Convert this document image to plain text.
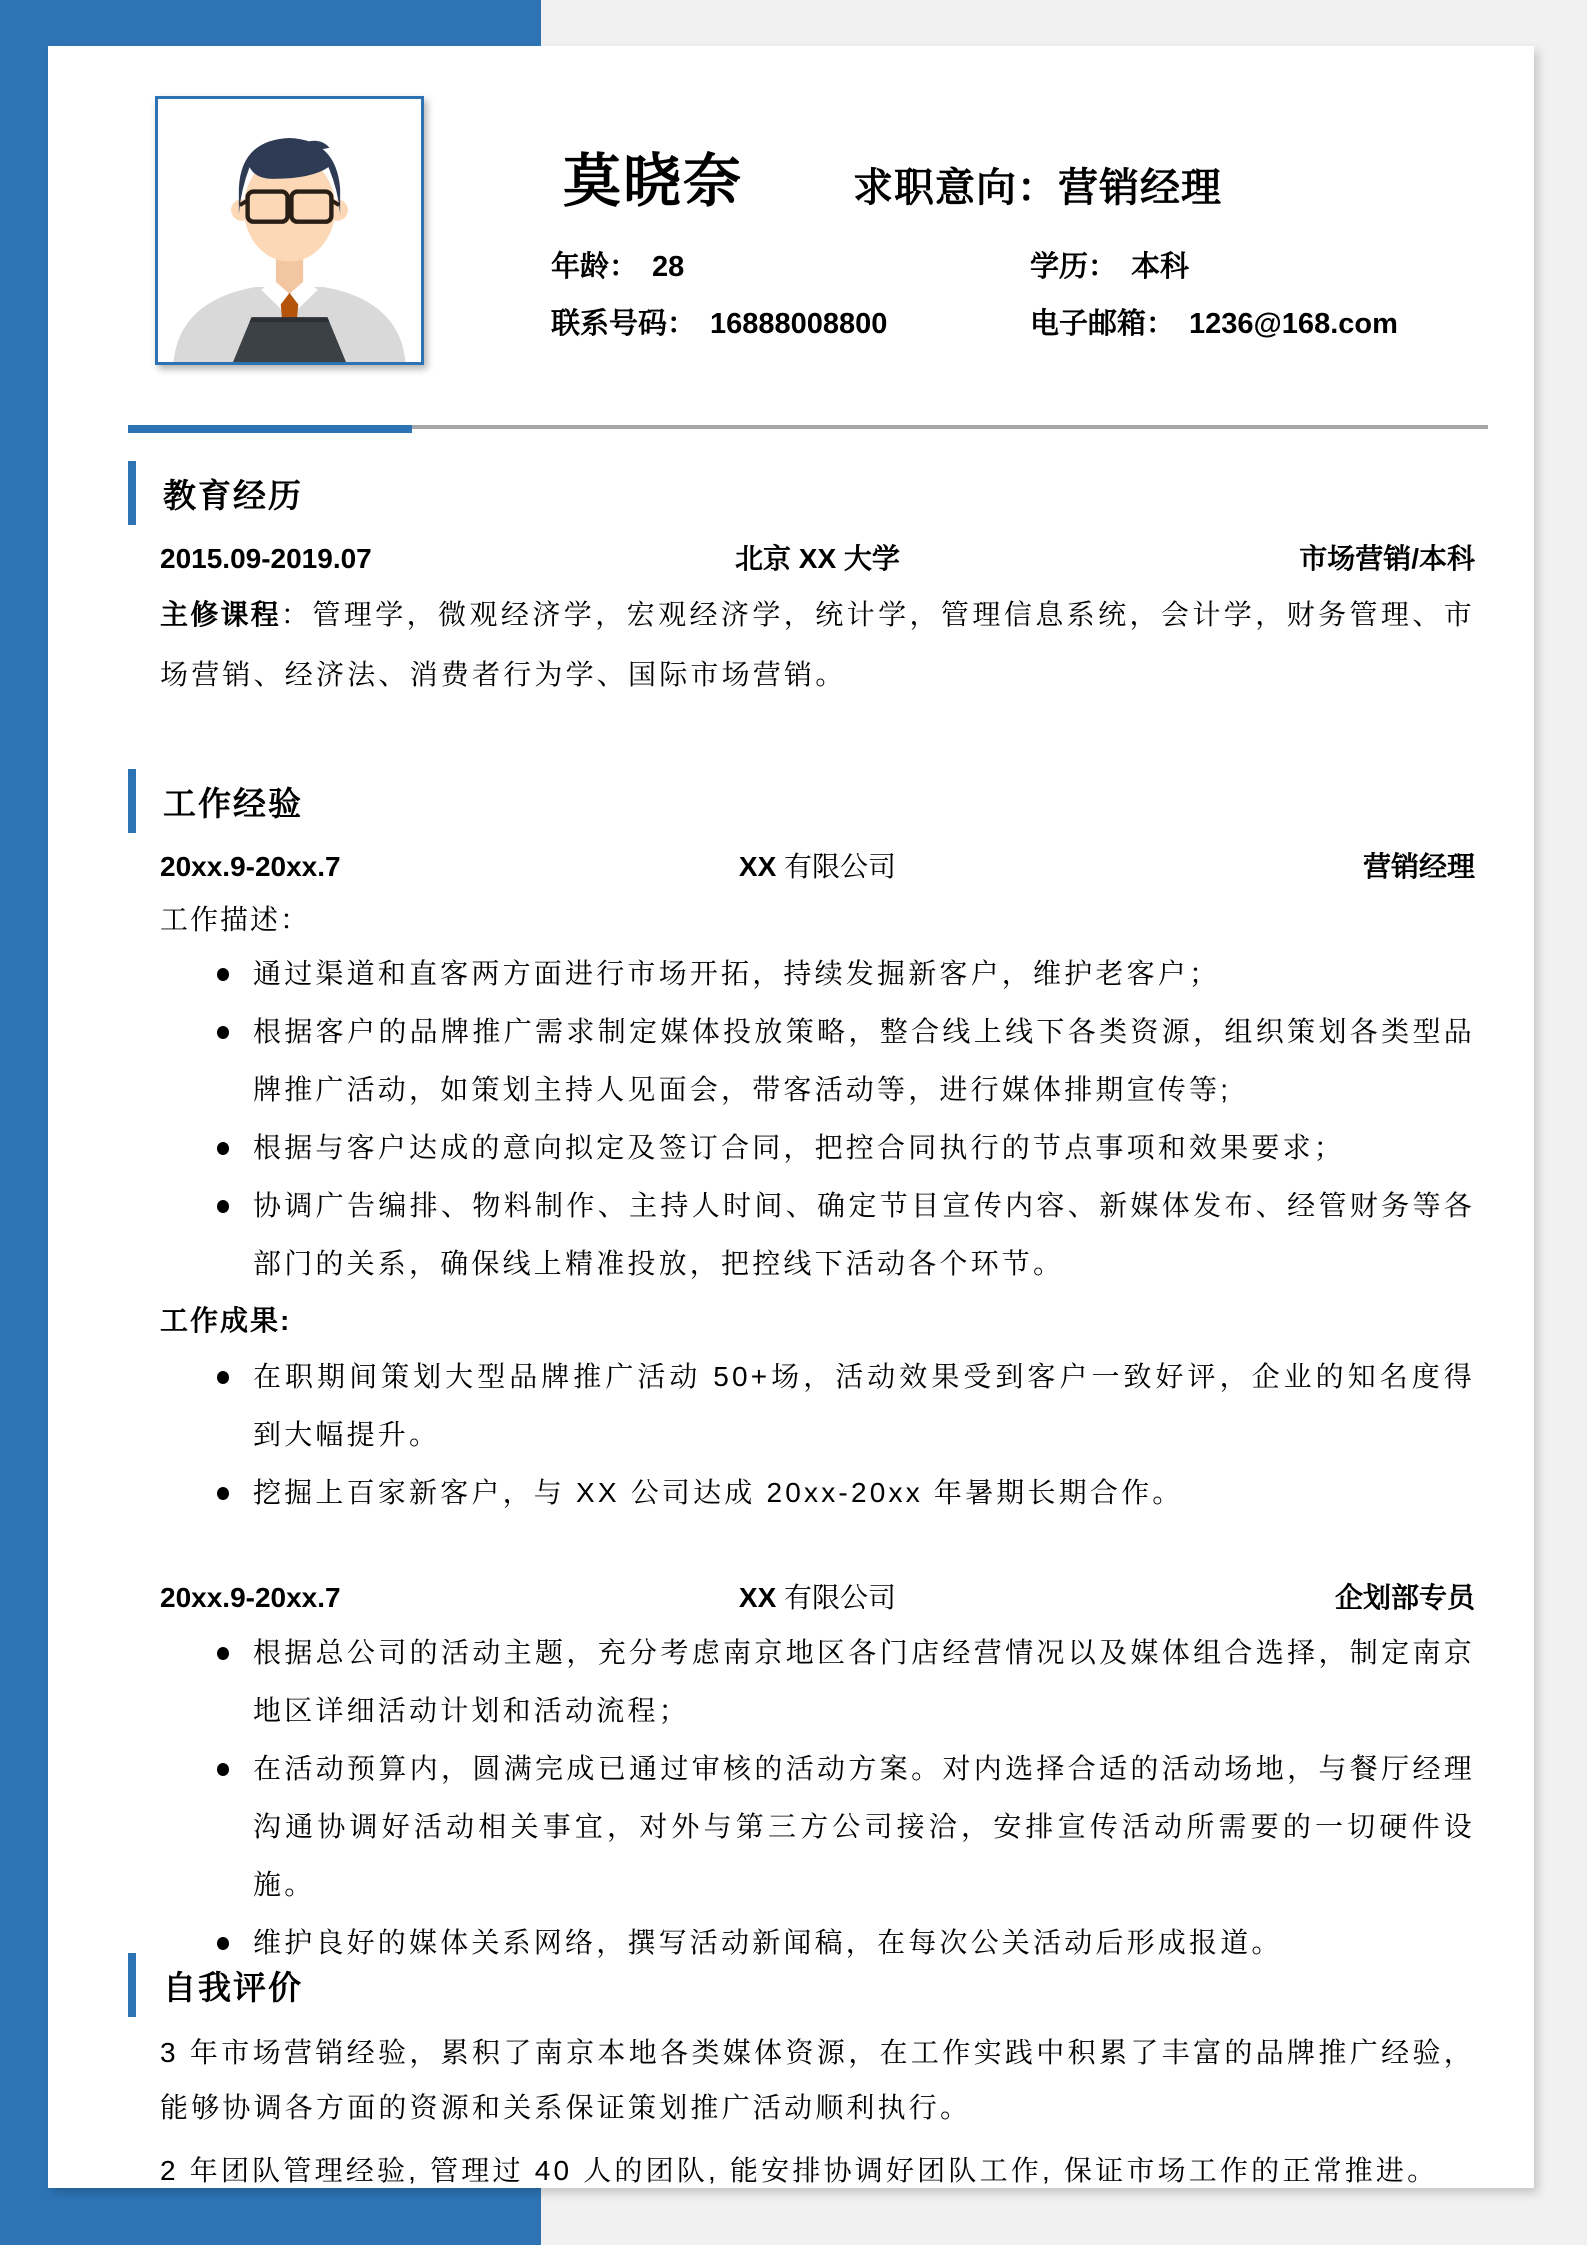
莫晓奈	求职意向：营销经理
年龄： 28	学历： 本科
联系号码： 16888008800	电子邮箱： 1236@168.com
教育经历
2015.09-2019.07	北京 XX 大学	市场营销/本科

主修课程：管理学，微观经济学，宏观经济学，统计学，管理信息系统，会计学，财务管理、市场营销、经济法、消费者行为学、国际市场营销。

工作经验
20xx.9-20xx.7	XX 有限公司	营销经理
工作描述：
通过渠道和直客两方面进行市场开拓，持续发掘新客户，维护老客户；
根据客户的品牌推广需求制定媒体投放策略，整合线上线下各类资源，组织策划各类型品牌推广活动，如策划主持人见面会，带客活动等，进行媒体排期宣传等;
根据与客户达成的意向拟定及签订合同，把控合同执行的节点事项和效果要求；
协调广告编排、物料制作、主持人时间、确定节目宣传内容、新媒体发布、经管财务等各部门的关系，确保线上精准投放，把控线下活动各个环节。
工作成果:
在职期间策划大型品牌推广活动 50+场，活动效果受到客户一致好评，企业的知名度得到大幅提升。
挖掘上百家新客户，与 XX 公司达成 20xx-20xx 年暑期长期合作。
20xx.9-20xx.7	XX 有限公司	企划部专员
根据总公司的活动主题，充分考虑南京地区各门店经营情况以及媒体组合选择，制定南京地区详细活动计划和活动流程；
在活动预算内，圆满完成已通过审核的活动方案。对内选择合适的活动场地，与餐厅经理沟通协调好活动相关事宜，对外与第三方公司接洽，安排宣传活动所需要的一切硬件设施。
维护良好的媒体关系网络，撰写活动新闻稿，在每次公关活动后形成报道。
自我评价

3 年市场营销经验，累积了南京本地各类媒体资源，在工作实践中积累了丰富的品牌推广经验，能够协调各方面的资源和关系保证策划推广活动顺利执行。

2 年团队管理经验, 管理过 40 人的团队, 能安排协调好团队工作, 保证市场工作的正常推进。
